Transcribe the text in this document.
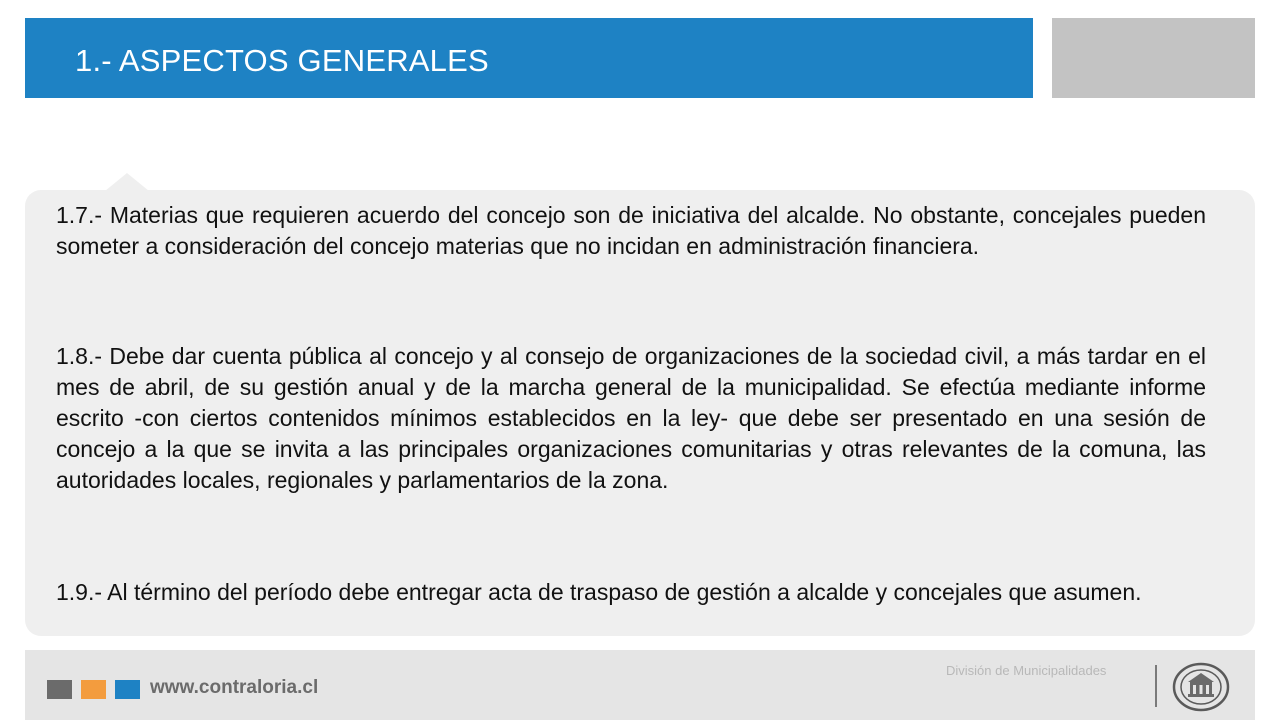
1.- ASPECTOS GENERALES

1.7.- Materias que requieren acuerdo del concejo son de iniciativa del alcalde. No obstante, concejales pueden someter a consideración del concejo materias que no incidan en administración financiera.

1.8.- Debe dar cuenta pública al concejo y al consejo de organizaciones de la sociedad civil, a más tardar en el mes de abril, de su gestión anual y de la marcha general de la municipalidad. Se efectúa mediante informe escrito -con ciertos contenidos mínimos establecidos en la ley- que debe ser presentado en una sesión de concejo a la que se invita a las principales organizaciones comunitarias y otras relevantes de la comuna, las autoridades locales, regionales y parlamentarios de la zona.

1.9.- Al término del período debe entregar acta de traspaso de gestión a alcalde y concejales que asumen.

www.contraloria.cl
División de Municipalidades
